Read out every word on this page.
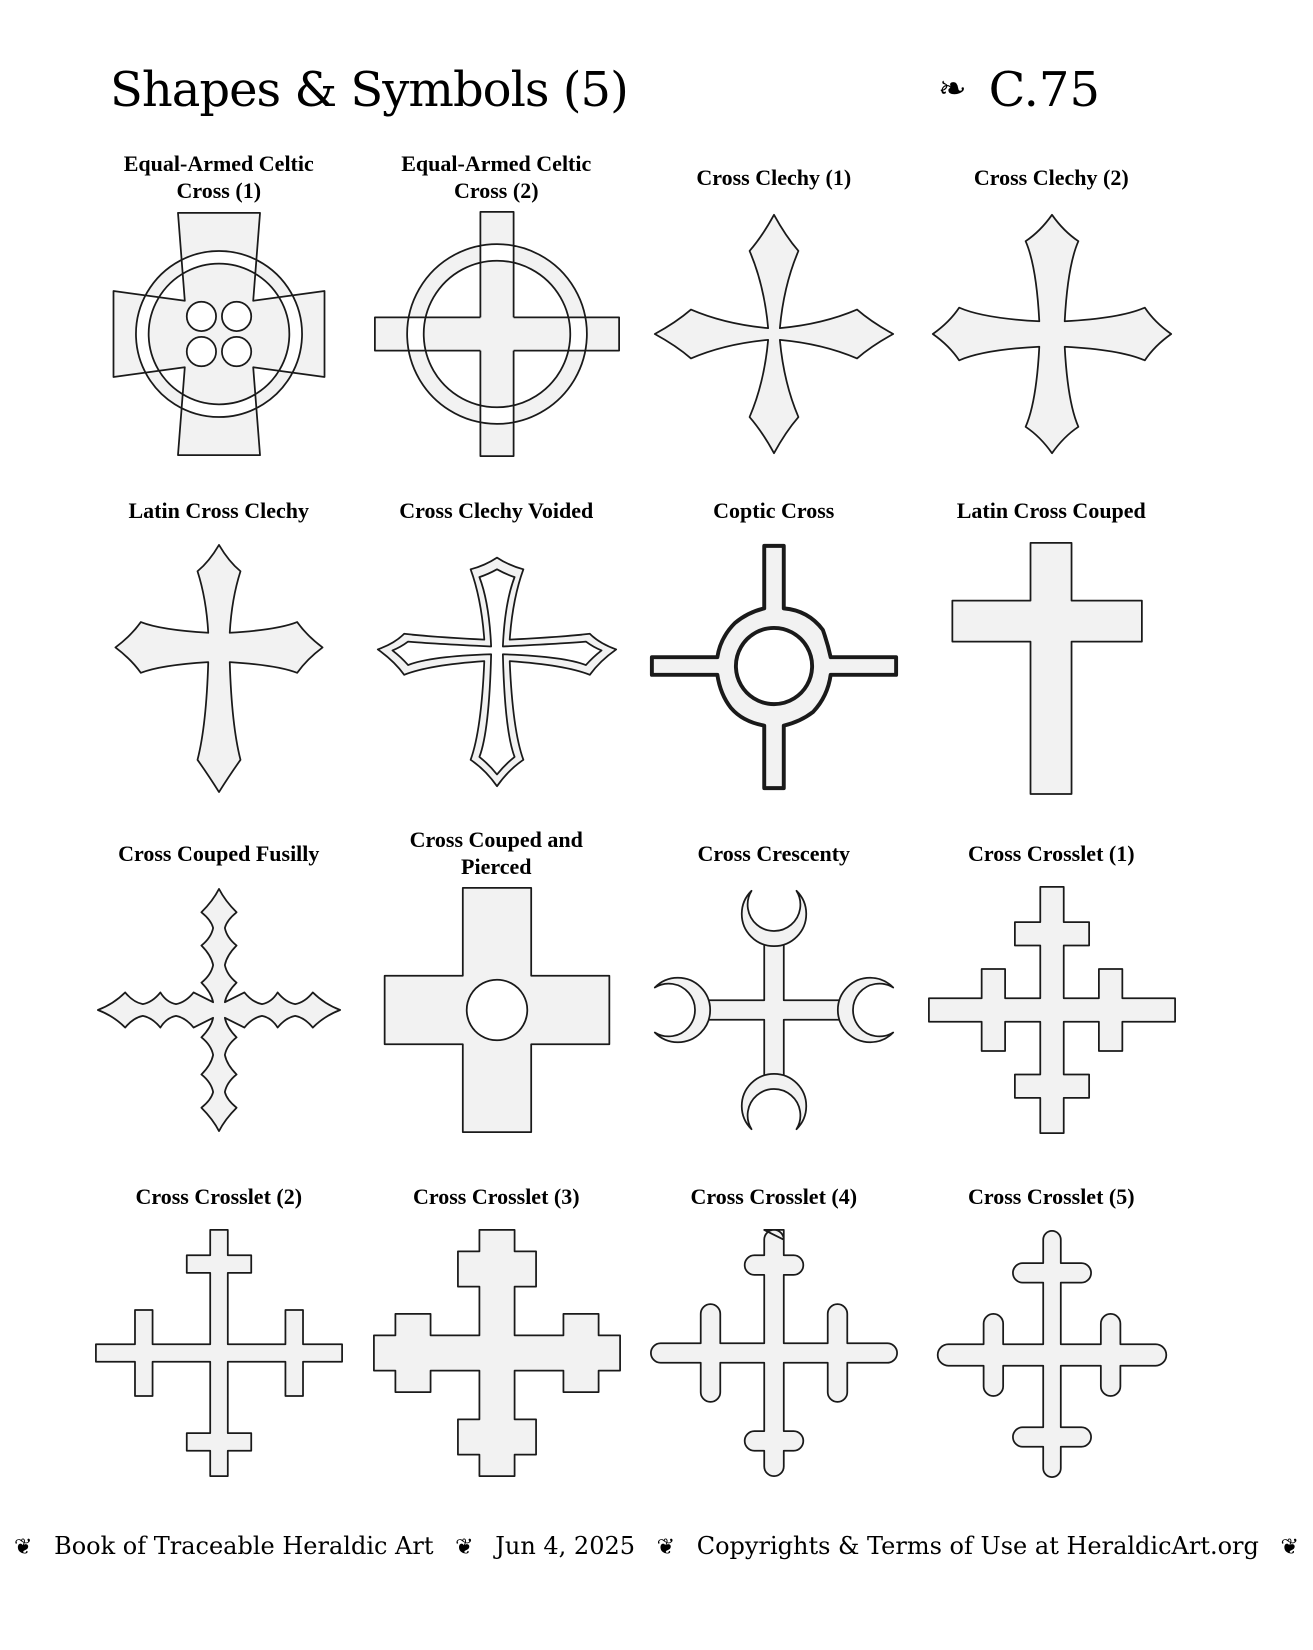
Shapes & Symbols (5)	❧ C.75
Equal-Armed Celtic Cross (1)
Equal-Armed Celtic Cross (2)
Cross Clechy (1)	Cross Clechy (2)
Latin Cross Clechy	Cross Clechy Voided	Coptic Cross	Latin Cross Couped
Cross Couped Fusilly
Cross Couped and Pierced
Cross Crescenty	Cross Crosslet (1)
Cross Crosslet (2)	Cross Crosslet (3)	Cross Crosslet (4)	Cross Crosslet (5)
❦ Book of Traceable Heraldic Art ❦ Jun 4, 2025 ❦ Copyrights & Terms of Use at HeraldicArt.org ❦
